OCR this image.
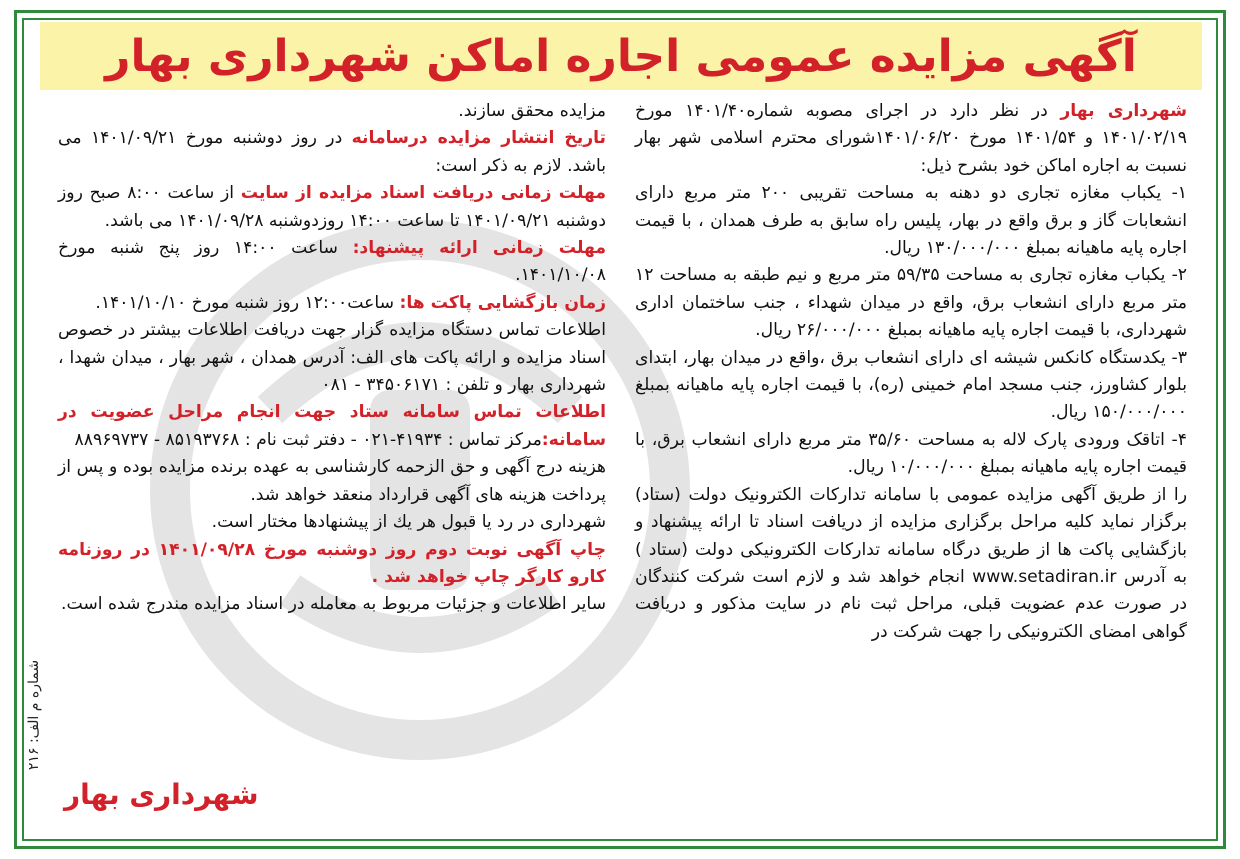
آگهی مزایده عمومی اجاره اماکن شهرداری بهار

شهرداری بهار در نظر دارد در اجرای مصوبه شماره۱۴۰۱/۴۰ مورخ ۱۴۰۱/۰۲/۱۹ و ۱۴۰۱/۵۴ مورخ ۱۴۰۱/۰۶/۲۰شورای محترم اسلامی شهر بهار نسبت به اجاره اماکن خود بشرح ذیل:

۱- یکباب مغازه تجاری دو دهنه به مساحت تقریبی ۲۰۰ متر مربع دارای انشعابات گاز و برق واقع در بهار، پلیس راه سابق به طرف همدان ، با قیمت اجاره پایه ماهیانه بمبلغ ۱۳۰/۰۰۰/۰۰۰ ریال.

۲- یکباب مغازه تجاری به مساحت ۵۹/۳۵ متر مربع و نیم طبقه به مساحت ۱۲ متر مربع دارای انشعاب برق، واقع در میدان شهداء ، جنب ساختمان اداری شهرداری، با قیمت اجاره پایه ماهیانه بمبلغ ۲۶/۰۰۰/۰۰۰ ریال.

۳- یکدستگاه کانکس شیشه ای دارای انشعاب برق ،واقع در میدان بهار، ابتدای بلوار کشاورز، جنب مسجد امام خمینی (ره)، با قیمت اجاره پایه ماهیانه بمبلغ ۱۵۰/۰۰۰/۰۰۰ ریال.

۴- اتاقک ورودی پارک لاله به مساحت ۳۵/۶۰ متر مربع دارای انشعاب برق، با قیمت اجاره پایه ماهیانه بمبلغ ۱۰/۰۰۰/۰۰۰ ریال.

را از طریق آگهی مزایده عمومی با سامانه تدارکات الکترونیک دولت (ستاد) برگزار نماید کلیه مراحل برگزاری مزایده از دریافت اسناد تا ارائه پیشنهاد و بازگشایی پاکت ها از طریق درگاه سامانه تدارکات الکترونیکی دولت (ستاد ) به آدرس www.setadiran.ir انجام خواهد شد و لازم است شرکت کنندگان در صورت عدم عضویت قبلی، مراحل ثبت نام در سایت مذکور و دریافت گواهی امضای الکترونیکی را جهت شرکت در

مزایده محقق سازند.

تاریخ انتشار مزایده درسامانه در روز دوشنبه مورخ ۱۴۰۱/۰۹/۲۱ می باشد. لازم به ذکر است:

مهلت زمانی دریافت اسناد مزایده از سایت از ساعت ۸:۰۰ صبح روز دوشنبه ۱۴۰۱/۰۹/۲۱ تا ساعت ۱۴:۰۰ روزدوشنبه ۱۴۰۱/۰۹/۲۸ می باشد.

مهلت زمانی ارائه پیشنهاد: ساعت ۱۴:۰۰ روز پنج شنبه مورخ ۱۴۰۱/۱۰/۰۸.

زمان بازگشایی پاکت ها: ساعت۱۲:۰۰ روز شنبه مورخ ۱۴۰۱/۱۰/۱۰.

اطلاعات تماس دستگاه مزایده گزار جهت دریافت اطلاعات بیشتر در خصوص اسناد مزایده و ارائه پاکت های الف: آدرس همدان ، شهر بهار ، میدان شهدا ، شهرداری بهار و تلفن : ۳۴۵۰۶۱۷۱ - ۰۸۱

اطلاعات تماس سامانه ستاد جهت انجام مراحل عضویت در سامانه:مرکز تماس : ۴۱۹۳۴-۰۲۱ - دفتر ثبت نام : ۸۵۱۹۳۷۶۸ - ۸۸۹۶۹۷۳۷

هزینه درج آگهی و حق الزحمه کارشناسی به عهده برنده مزایده بوده و پس از پرداخت هزینه های آگهی قرارداد منعقد خواهد شد.

شهرداری در رد یا قبول هر یك از پیشنهادها مختار است.

چاپ آگهی نوبت دوم روز دوشنبه مورخ ۱۴۰۱/۰۹/۲۸ در روزنامه کارو کارگر چاپ خواهد شد .

سایر اطلاعات و جزئیات مربوط به معامله در اسناد مزایده مندرج شده است.

شماره م الف: ۲۱۶
شهرداری بهار
